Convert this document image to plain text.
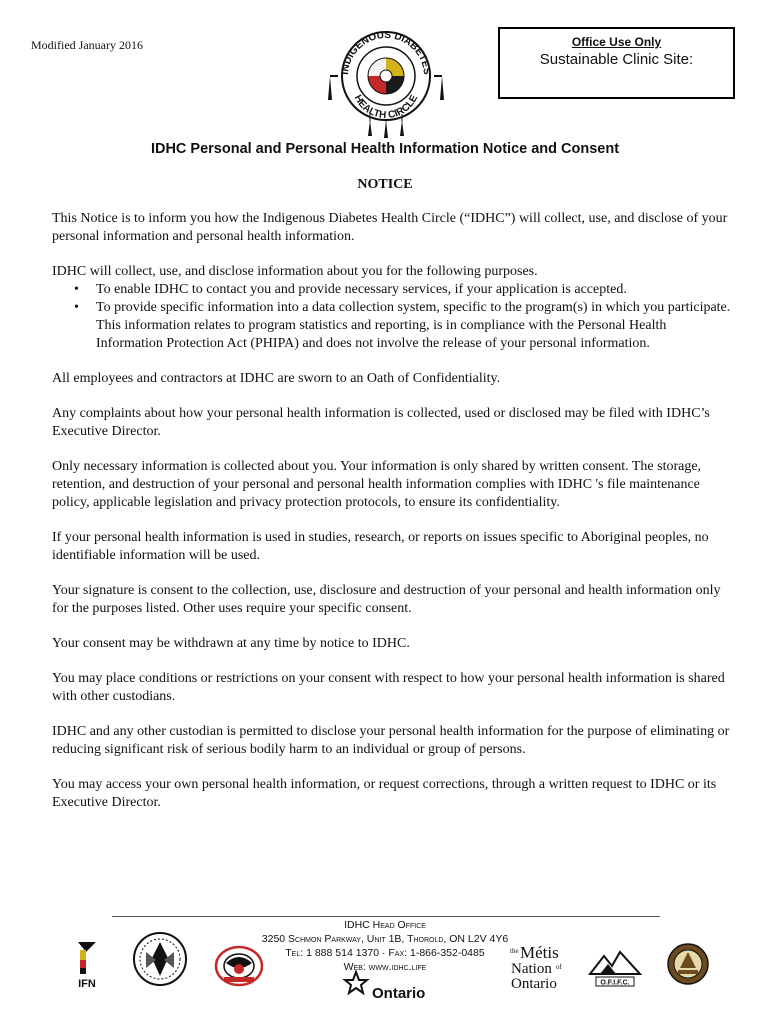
Modified January 2016
INDIGENOUS DIABETES
HEALTH CIRCLE
Office Use Only
Sustainable Clinic Site:
IDHC Personal and Personal Health Information Notice and Consent
NOTICE

This Notice is to inform you how the Indigenous Diabetes Health Circle (“IDHC”) will collect, use, and disclose of your personal information and personal health information.

IDHC will collect, use, and disclose information about you for the following purposes.

• To enable IDHC to contact you and provide necessary services, if your application is accepted.
• To provide specific information into a data collection system, specific to the program(s) in which you participate. This information relates to program statistics and reporting, is in compliance with the Personal Health Information Protection Act (PHIPA) and does not involve the release of your personal information.

All employees and contractors at IDHC are sworn to an Oath of Confidentiality.

Any complaints about how your personal health information is collected, used or disclosed may be filed with IDHC’s Executive Director.

Only necessary information is collected about you. Your information is only shared by written consent. The storage, retention, and destruction of your personal and personal health information complies with IDHC 's file maintenance policy, applicable legislation and privacy protection protocols, to ensure its confidentiality.

If your personal health information is used in studies, research, or reports on issues specific to Aboriginal peoples, no identifiable information will be used.

Your signature is consent to the collection, use, disclosure and destruction of your personal and health information only for the purposes listed. Other uses require your specific consent.

Your consent may be withdrawn at any time by notice to IDHC.

You may place conditions or restrictions on your consent with respect to how your personal health information is shared with other custodians.

IDHC and any other custodian is permitted to disclose your personal health information for the purpose of eliminating or reducing significant risk of serious bodily harm to an individual or group of persons.

You may access your own personal health information, or request corrections, through a written request to IDHC or its Executive Director.

IDHC Head Office
3250 Schmon Parkway, Unit 1B, Thorold, ON L2V 4Y6
Tel: 1 888 514 1370 · Fax: 1-866-352-0485
Web: www.idhc.life
IFN
Ontario
the Métis
Nation of
Ontario	O.F.I.F.C.
